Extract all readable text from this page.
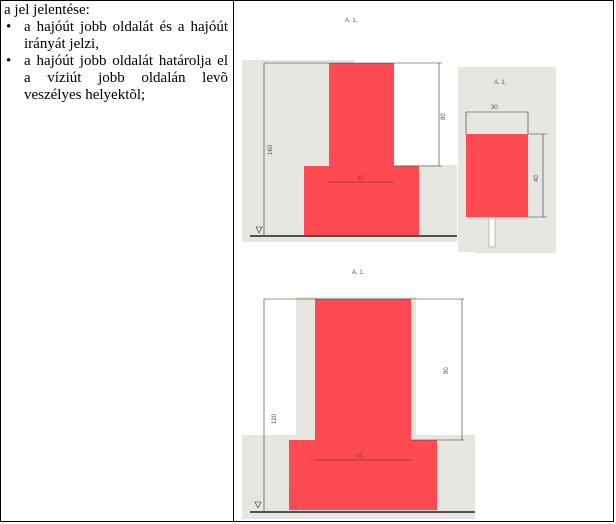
a jel jelentése:
• a hajóút jobb oldalát és a hajóút irányát jelzi,
• a hajóút jobb oldalát határolja el a víziút jobb oldalán levõ veszélyes helyektõl;
A. 1.
160
80
35
A. 1.
30
40
A. 1.
120
80
55
